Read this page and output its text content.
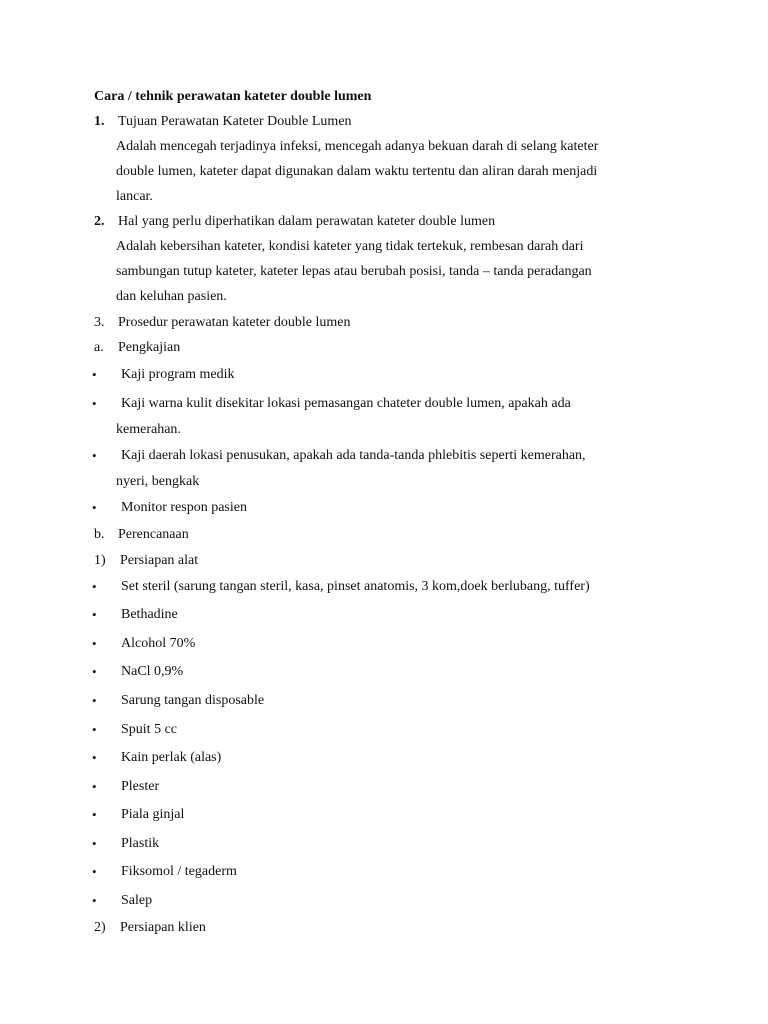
Cara / tehnik perawatan kateter double lumen
1. Tujuan Perawatan Kateter Double Lumen
Adalah mencegah terjadinya infeksi, mencegah adanya bekuan darah di selang kateter
double lumen, kateter dapat digunakan dalam waktu tertentu dan aliran darah menjadi
lancar.
2. Hal yang perlu diperhatikan dalam perawatan kateter double lumen
Adalah kebersihan kateter, kondisi kateter yang tidak tertekuk, rembesan darah dari
sambungan tutup kateter, kateter lepas atau berubah posisi, tanda – tanda peradangan
dan keluhan pasien.
3. Prosedur perawatan kateter double lumen
a. Pengkajian
• Kaji program medik
• Kaji warna kulit disekitar lokasi pemasangan chateter double lumen, apakah ada
kemerahan.
• Kaji daerah lokasi penusukan, apakah ada tanda-tanda phlebitis seperti kemerahan,
nyeri, bengkak
• Monitor respon pasien
b. Perencanaan
1) Persiapan alat
• Set steril (sarung tangan steril, kasa, pinset anatomis, 3 kom,doek berlubang, tuffer)
• Bethadine
• Alcohol 70%
• NaCl 0,9%
• Sarung tangan disposable
• Spuit 5 cc
• Kain perlak (alas)
• Plester
• Piala ginjal
• Plastik
• Fiksomol / tegaderm
• Salep
2) Persiapan klien
